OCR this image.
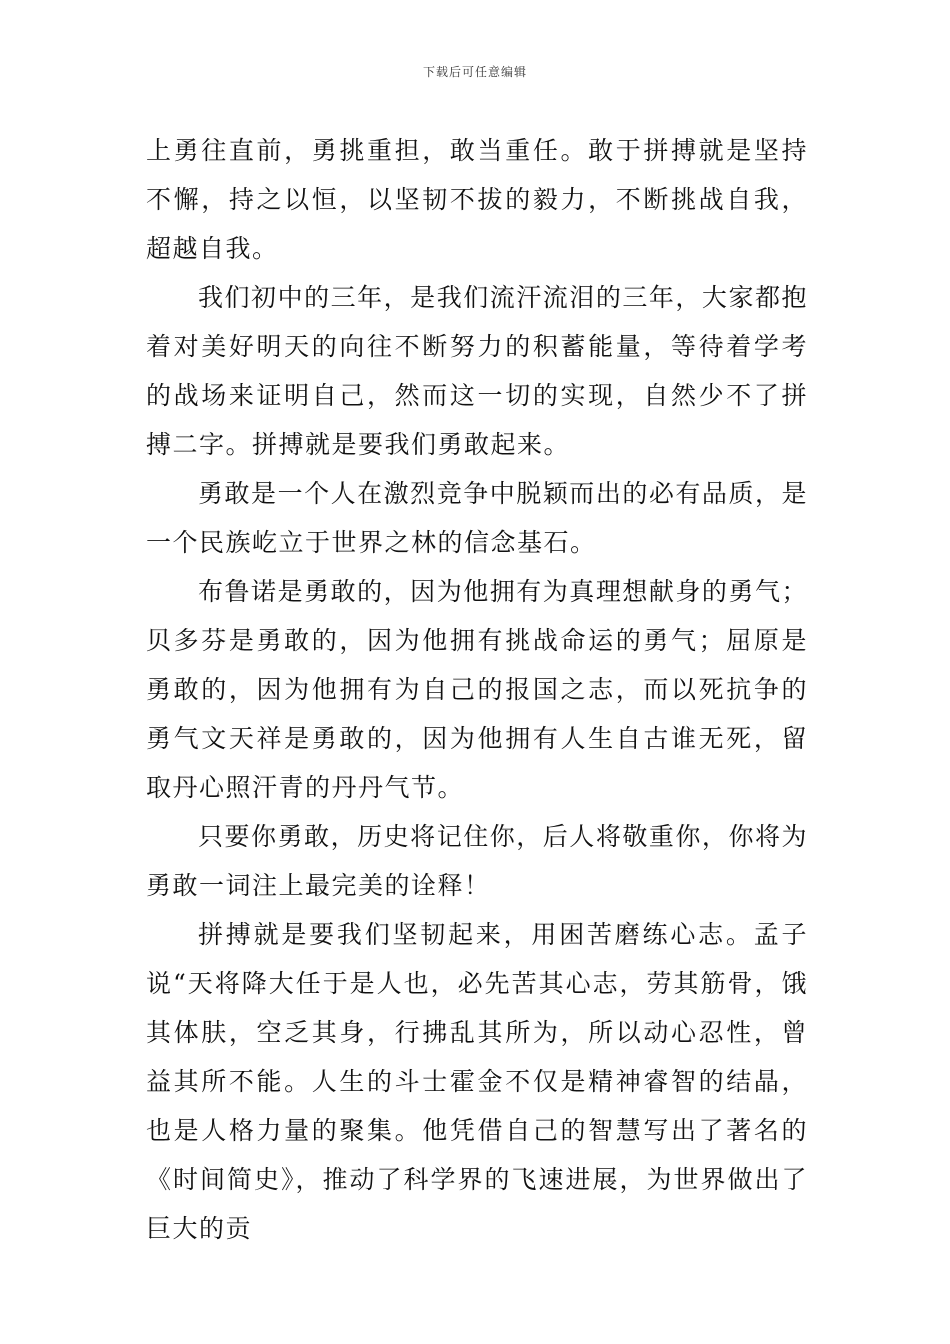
下载后可任意编辑

上勇往直前，勇挑重担，敢当重任。敢于拼搏就是坚持不懈，持之以恒，以坚韧不拔的毅力，不断挑战自我，超越自我。

我们初中的三年，是我们流汗流泪的三年，大家都抱着对美好明天的向往不断努力的积蓄能量，等待着学考的战场来证明自己，然而这一切的实现，自然少不了拼搏二字。拼搏就是要我们勇敢起来。

勇敢是一个人在激烈竞争中脱颖而出的必有品质，是一个民族屹立于世界之林的信念基石。

布鲁诺是勇敢的，因为他拥有为真理想献身的勇气；贝多芬是勇敢的，因为他拥有挑战命运的勇气；屈原是勇敢的，因为他拥有为自己的报国之志，而以死抗争的勇气文天祥是勇敢的，因为他拥有人生自古谁无死，留取丹心照汗青的丹丹气节。

只要你勇敢，历史将记住你，后人将敬重你，你将为勇敢一词注上最完美的诠释！

拼搏就是要我们坚韧起来，用困苦磨练心志。孟子说“天将降大任于是人也，必先苦其心志，劳其筋骨，饿其体肤，空乏其身，行拂乱其所为，所以动心忍性，曾益其所不能。人生的斗士霍金不仅是精神睿智的结晶，也是人格力量的聚集。他凭借自己的智慧写出了著名的《时间简史》，推动了科学界的飞速进展，为世界做出了巨大的贡
